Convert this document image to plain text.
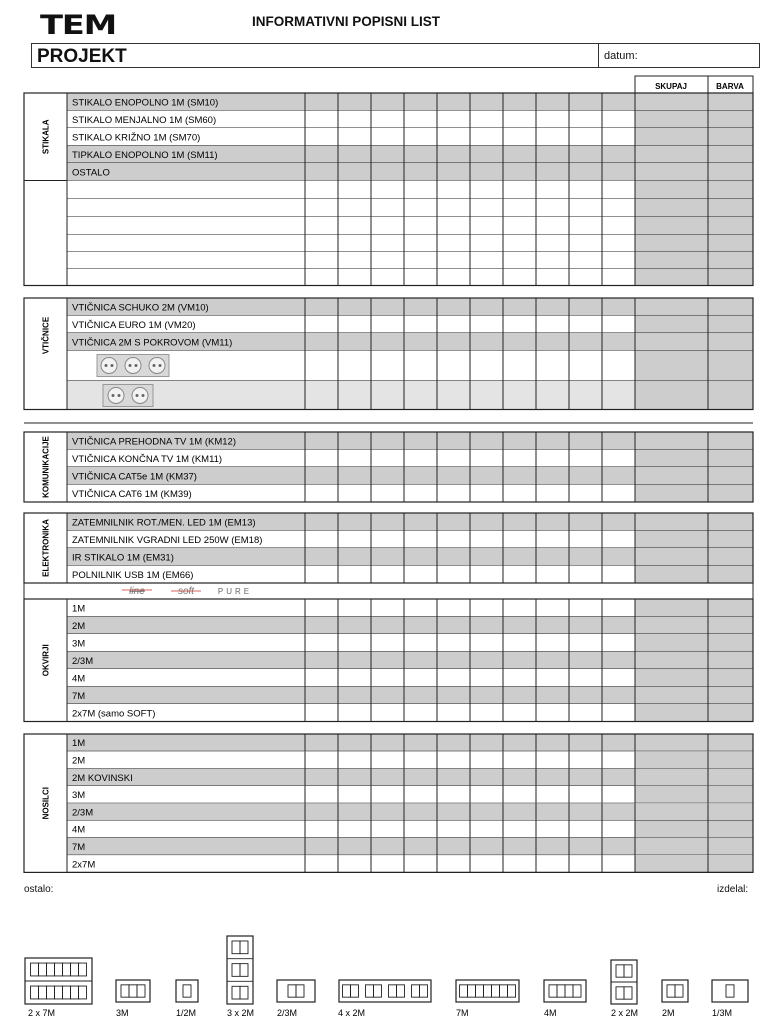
TEM	INFORMATIVNI POPISNI LIST
PROJEKT	datum:
SKUPAJ	BARVA
STIKALO ENOPOLNO 1M (SM10)
STIKALO MENJALNO 1M (SM60)
STIKALO KRIŽNO 1M (SM70)
TIPKALO ENOPOLNO 1M (SM11)
OSTALO
STIKALA
VTIČNICA SCHUKO 2M (VM10)
VTIČNICA EURO 1M (VM20)
VTIČNICA 2M S POKROVOM (VM11)
VTIČNICE
VTIČNICA PREHODNA TV 1M (KM12)
VTIČNICA KONČNA TV 1M (KM11)
VTIČNICA CAT5e 1M (KM37)
VTIČNICA CAT6 1M (KM39)
KOMUNIKACIJE
ZATEMNILNIK ROT./MEN. LED 1M (EM13)
ZATEMNILNIK VGRADNI LED 250W (EM18)
IR STIKALO 1M (EM31)
POLNILNIK USB 1M (EM66)
line	soft	PURE
ELEKTRONIKA
1M
2M
3M
2/3M
4M
7M
2x7M (samo SOFT)
OKVIRJI
1M
2M
2M KOVINSKI
3M
2/3M
4M
7M
2x7M
NOSILCI
ostalo:	izdelal:
2 x 7M	3M	1/2M	3 x 2M	2/3M	4 x 2M	7M	4M	2 x 2M	2M	1/3M
